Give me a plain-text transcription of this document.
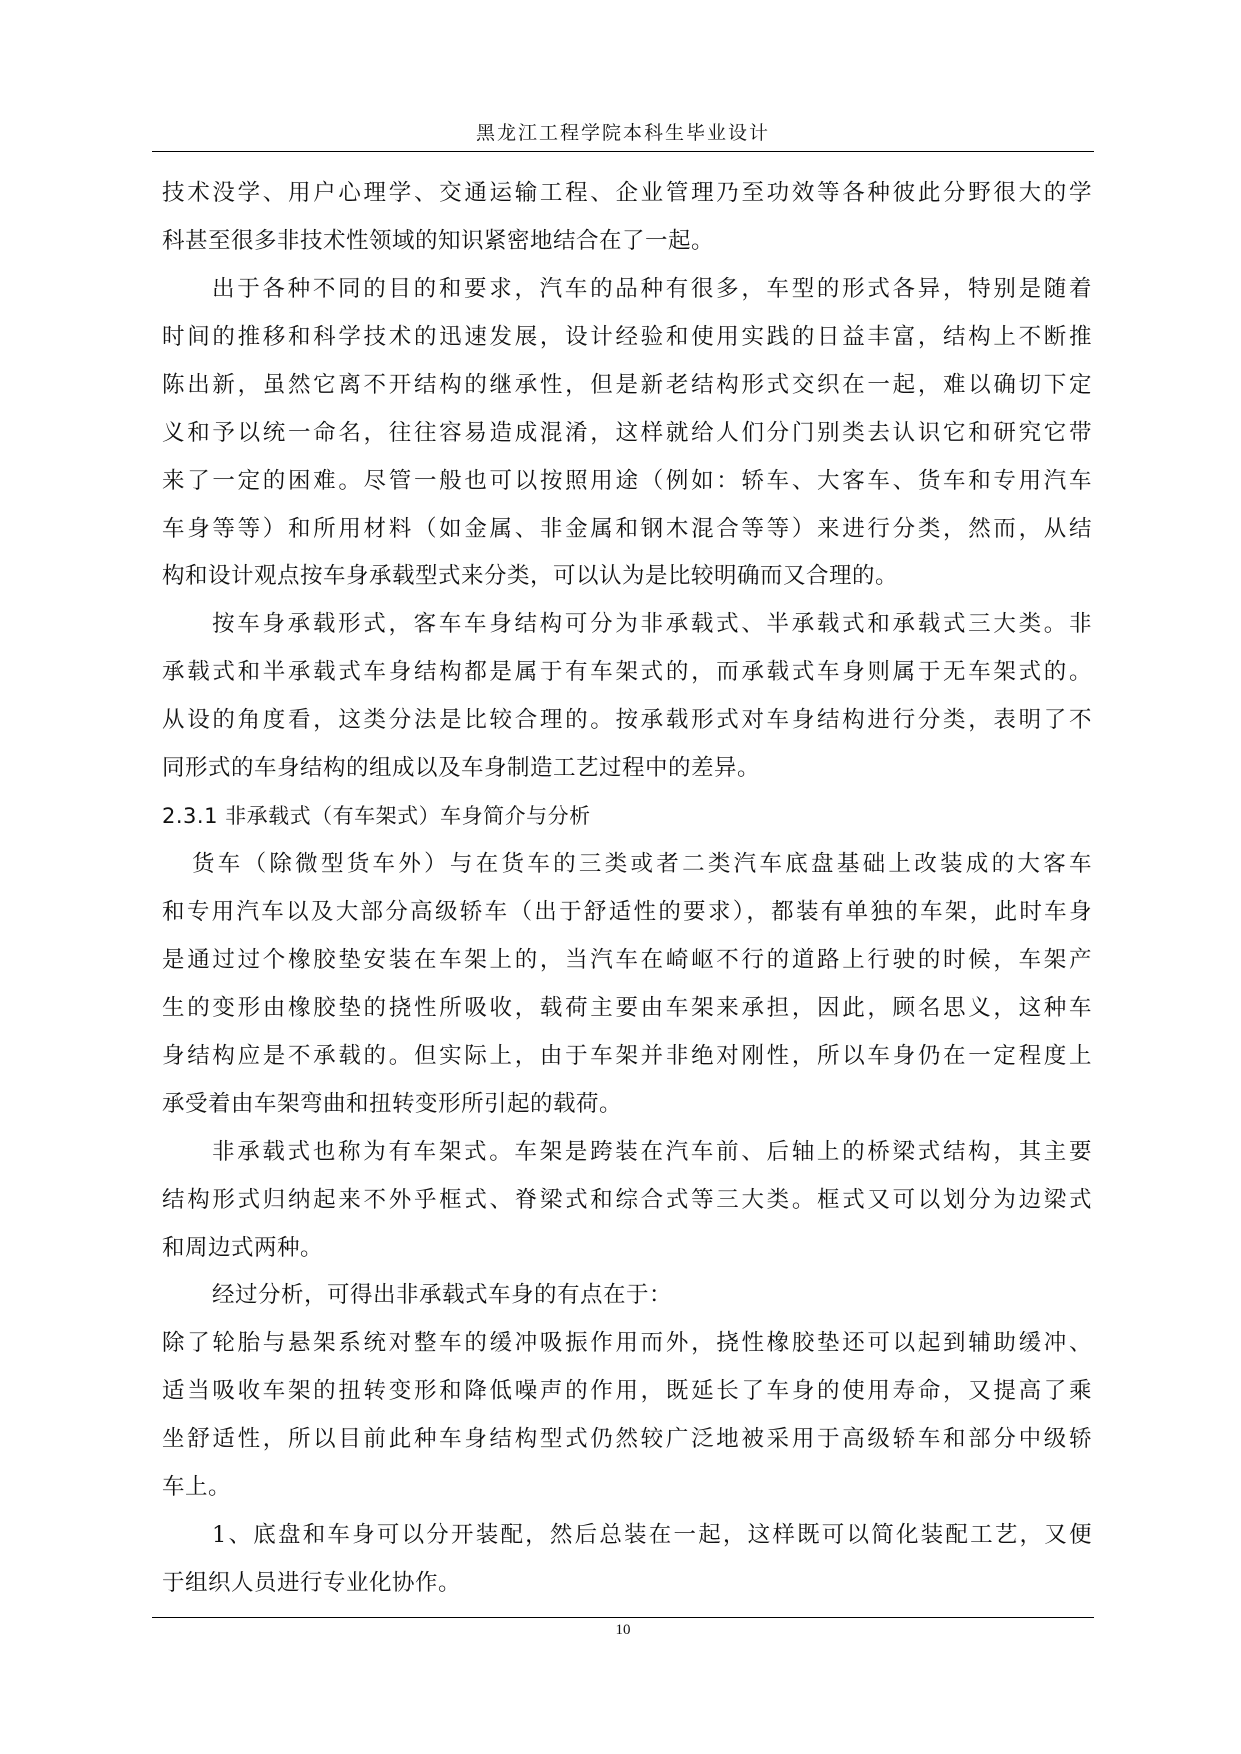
黑龙江工程学院本科生毕业设计
技术没学、用户心理学、交通运输工程、企业管理乃至功效等各种彼此分野很大的学
科甚至很多非技术性领域的知识紧密地结合在了一起。
出于各种不同的目的和要求，汽车的品种有很多，车型的形式各异，特别是随着
时间的推移和科学技术的迅速发展，设计经验和使用实践的日益丰富，结构上不断推
陈出新，虽然它离不开结构的继承性，但是新老结构形式交织在一起，难以确切下定
义和予以统一命名，往往容易造成混淆，这样就给人们分门别类去认识它和研究它带
来了一定的困难。尽管一般也可以按照用途（例如：轿车、大客车、货车和专用汽车
车身等等）和所用材料（如金属、非金属和钢木混合等等）来进行分类，然而，从结
构和设计观点按车身承载型式来分类，可以认为是比较明确而又合理的。
按车身承载形式，客车车身结构可分为非承载式、半承载式和承载式三大类。非
承载式和半承载式车身结构都是属于有车架式的，而承载式车身则属于无车架式的。
从设的角度看，这类分法是比较合理的。按承载形式对车身结构进行分类，表明了不
同形式的车身结构的组成以及车身制造工艺过程中的差异。
2.3.1 非承载式（有车架式）车身简介与分析
货车（除微型货车外）与在货车的三类或者二类汽车底盘基础上改装成的大客车
和专用汽车以及大部分高级轿车（出于舒适性的要求），都装有单独的车架，此时车身
是通过过个橡胶垫安装在车架上的，当汽车在崎岖不行的道路上行驶的时候，车架产
生的变形由橡胶垫的挠性所吸收，载荷主要由车架来承担，因此，顾名思义，这种车
身结构应是不承载的。但实际上，由于车架并非绝对刚性，所以车身仍在一定程度上
承受着由车架弯曲和扭转变形所引起的载荷。
非承载式也称为有车架式。车架是跨装在汽车前、后轴上的桥梁式结构，其主要
结构形式归纳起来不外乎框式、脊梁式和综合式等三大类。框式又可以划分为边梁式
和周边式两种。
经过分析，可得出非承载式车身的有点在于：
除了轮胎与悬架系统对整车的缓冲吸振作用而外，挠性橡胶垫还可以起到辅助缓冲、
适当吸收车架的扭转变形和降低噪声的作用，既延长了车身的使用寿命，又提高了乘
坐舒适性，所以目前此种车身结构型式仍然较广泛地被采用于高级轿车和部分中级轿
车上。
1、底盘和车身可以分开装配，然后总装在一起，这样既可以简化装配工艺，又便
于组织人员进行专业化协作。
10
